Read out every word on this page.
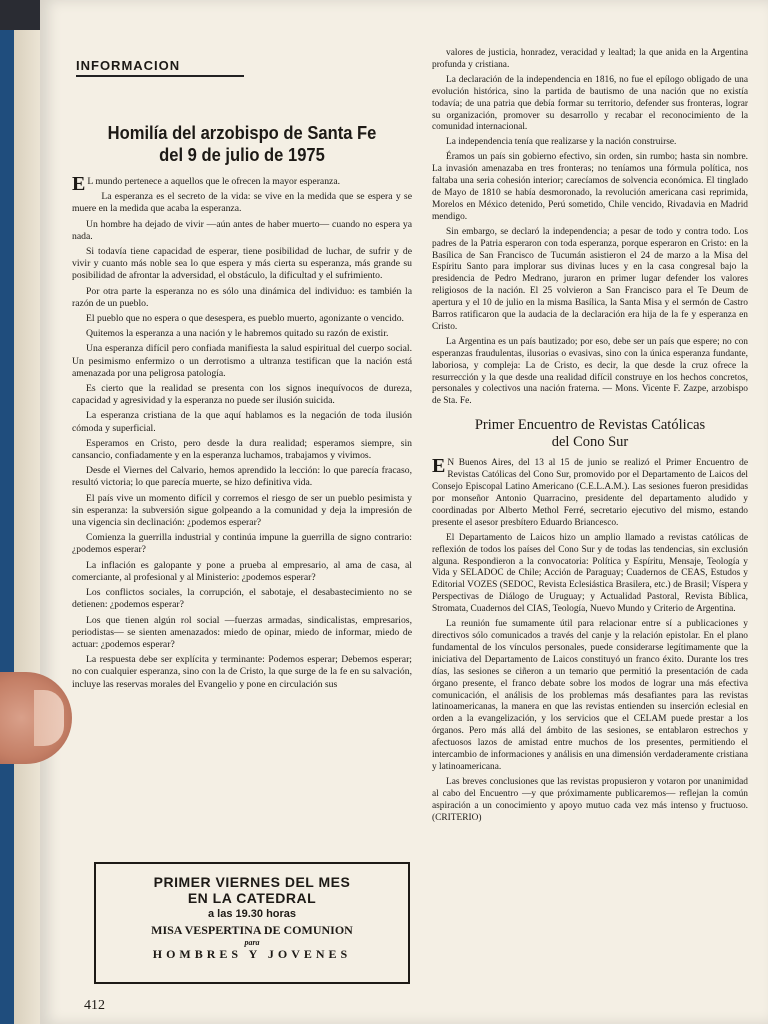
INFORMACION
Homilía del arzobispo de Santa Fe
del 9 de julio de 1975

E L mundo pertenece a aquellos que le ofrecen la mayor esperanza.

La esperanza es el secreto de la vida: se vive en la medida que se espera y se muere en la medida que acaba la esperanza.

Un hombre ha dejado de vivir —aún antes de haber muerto— cuando no espera ya nada.

Si todavía tiene capacidad de esperar, tiene posibilidad de luchar, de sufrir y de vivir y cuanto más noble sea lo que espera y más cierta su esperanza, más grande su posibilidad de afrontar la adversidad, el obstáculo, la dificultad y el sufrimiento.

Por otra parte la esperanza no es sólo una dinámica del individuo: es también la razón de un pueblo.

El pueblo que no espera o que desespera, es pueblo muerto, agonizante o vencido.

Quitemos la esperanza a una nación y le habremos quitado su razón de existir.

Una esperanza difícil pero confiada manifiesta la salud espiritual del cuerpo social. Un pesimismo enfermizo o un derrotismo a ultranza testifican que la nación está amenazada por una peligrosa patología.

Es cierto que la realidad se presenta con los signos inequívocos de dureza, capacidad y agresividad y la esperanza no puede ser ilusión suicida.

La esperanza cristiana de la que aquí hablamos es la negación de toda ilusión cómoda y superficial.

Esperamos en Cristo, pero desde la dura realidad; esperamos siempre, sin cansancio, confiadamente y en la esperanza luchamos, trabajamos y vivimos.

Desde el Viernes del Calvario, hemos aprendido la lección: lo que parecía fracaso, resultó victoria; lo que parecía muerte, se hizo definitiva vida.

El país vive un momento difícil y corremos el riesgo de ser un pueblo pesimista y sin esperanza: la subversión sigue golpeando a la comunidad y deja la impresión de una vigencia sin declinación: ¿podemos esperar?

Comienza la guerrilla industrial y continúa impune la guerrilla de signo contrario: ¿podemos esperar?

La inflación es galopante y pone a prueba al empresario, al ama de casa, al comerciante, al profesional y al Ministerio: ¿podemos esperar?

Los conflictos sociales, la corrupción, el sabotaje, el desabastecimiento no se detienen: ¿podemos esperar?

Los que tienen algún rol social —fuerzas armadas, sindicalistas, empresarios, periodistas— se sienten amenazados: miedo de opinar, miedo de informar, miedo de actuar: ¿podemos esperar?

La respuesta debe ser explícita y terminante: Podemos esperar; Debemos esperar; no con cualquier esperanza, sino con la de Cristo, la que surge de la fe en su salvación, incluye las reservas morales del Evangelio y pone en circulación sus

valores de justicia, honradez, veracidad y lealtad; la que anida en la Argentina profunda y cristiana.

La declaración de la independencia en 1816, no fue el epílogo obligado de una evolución histórica, sino la partida de bautismo de una nación que no existía todavía; de una patria que debía formar su territorio, defender sus fronteras, lograr su organización, promover su desarrollo y recabar el reconocimiento de la comunidad internacional.

La independencia tenía que realizarse y la nación construirse.

Éramos un país sin gobierno efectivo, sin orden, sin rumbo; hasta sin nombre. La invasión amenazaba en tres fronteras; no teníamos una fórmula política, nos faltaba una seria cohesión interior; carecíamos de solvencia económica. El tinglado de Mayo de 1810 se había desmoronado, la revolución americana casi reprimida, Morelos en México detenido, Perú sometido, Chile vencido, Rivadavia en Madrid mendigo.

Sin embargo, se declaró la independencia; a pesar de todo y contra todo. Los padres de la Patria esperaron con toda esperanza, porque esperaron en Cristo: en la Basílica de San Francisco de Tucumán asistieron el 24 de marzo a la Misa del Espíritu Santo para implorar sus divinas luces y en la casa congresal bajo la presidencia de Pedro Medrano, juraron en primer lugar defender los valores religiosos de la nación. El 25 volvieron a San Francisco para el Te Deum de apertura y el 10 de julio en la misma Basílica, la Santa Misa y el sermón de Castro Barros ratificaron que la audacia de la declaración era hija de la fe y esperanza en Cristo.

La Argentina es un país bautizado; por eso, debe ser un país que espere; no con esperanzas fraudulentas, ilusorias o evasivas, sino con la única esperanza fundante, laboriosa, y compleja: La de Cristo, es decir, la que desde la cruz ofrece la resurrección y la que desde una realidad difícil construye en los hechos concretos, personales y colectivos una nación fraterna. — Mons. Vicente F. Zazpe, arzobispo de Sta. Fe.

Primer Encuentro de Revistas Católicas
del Cono Sur

E N Buenos Aires, del 13 al 15 de junio se realizó el Primer Encuentro de Revistas Católicas del Cono Sur, promovido por el Departamento de Laicos del Consejo Episcopal Latino Americano (C.E.L.A.M.). Las sesiones fueron presididas por monseñor Antonio Quarracino, presidente del departamento aludido y coordinadas por Alberto Methol Ferré, secretario ejecutivo del mismo, estando presente el asesor presbítero Eduardo Briancesco.

El Departamento de Laicos hizo un amplio llamado a revistas católicas de reflexión de todos los países del Cono Sur y de todas las tendencias, sin exclusión alguna. Respondieron a la convocatoria: Política y Espíritu, Mensaje, Teología y Vida y SELADOC de Chile; Acción de Paraguay; Cuadernos de CEAS, Estudos y Editorial VOZES (SEDOC, Revista Eclesiástica Brasilera, etc.) de Brasil; Víspera y Perspectivas de Diálogo de Uruguay; y Actualidad Pastoral, Revista Bíblica, Stromata, Cuadernos del CIAS, Teología, Nuevo Mundo y Criterio de Argentina.

La reunión fue sumamente útil para relacionar entre sí a publicaciones y directivos sólo comunicados a través del canje y la relación epistolar. En el plano fundamental de los vínculos personales, puede considerarse legítimamente que la iniciativa del Departamento de Laicos constituyó un franco éxito. Durante los tres días, las sesiones se ciñeron a un temario que permitió la presentación de cada órgano presente, el franco debate sobre los modos de lograr una más efectiva comunicación, el análisis de los problemas más desafiantes para las revistas latinoamericanas, la manera en que las revistas entienden su inserción eclesial en orden a la evangelización, y los servicios que el CELAM puede prestar a los órganos. Pero más allá del ámbito de las sesiones, se entablaron estrechos y afectuosos lazos de amistad entre muchos de los presentes, permitiendo el intercambio de informaciones y análisis en una dimensión verdaderamente cristiana y latinoamericana.

Las breves conclusiones que las revistas propusieron y votaron por unanimidad al cabo del Encuentro —y que próximamente publicaremos— reflejan la común aspiración a un conocimiento y apoyo mutuo cada vez más intenso y fructuoso. (CRITERIO)

PRIMER VIERNES DEL MES
EN LA CATEDRAL
a las 19.30 horas
MISA VESPERTINA DE COMUNION
para
HOMBRES Y JOVENES
412
